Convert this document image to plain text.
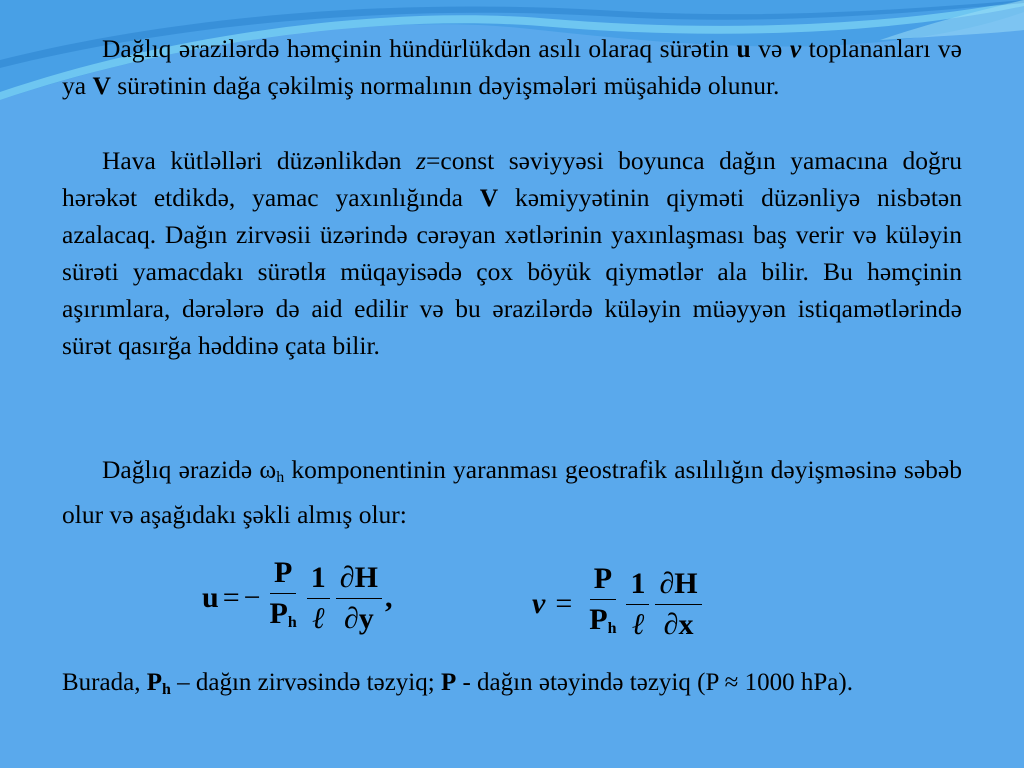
Dağlıq ərazilərdə həmçinin hündürlükdən asılı olaraq sürətin u və v toplananları və ya V sürətinin dağa çəkilmiş normalının dəyişmələri müşahidə olunur.

Hava kütləlləri düzənlikdən z=const səviyyəsi boyunca dağın yamacına doğru hərəkət etdikdə, yamac yaxınlığında V kəmiyyətinin qiyməti düzənliyə nisbətən azalacaq. Dağın zirvəsii üzərində cərəyan xətlərinin yaxınlaşması baş verir və küləyin sürəti yamacdakı sürətlя müqayisədə çox böyük qiymətlər ala bilir. Bu həmçinin aşırımlara, dərələrə də aid edilir və bu ərazilərdə küləyin müəyyən istiqamətlərində sürət qasırğa həddinə çata bilir.

Dağlıq ərazidə $\omega_h$ komponentinin yaranması geostrafik asılılığın dəyişməsinə səbəb olur və aşağıdakı şəkli almış olur:

u = − $\frac{P}{P_h} \frac{1}{\text{ℓ}} \frac{\partial H}{\partial y}$ ,	$v = \frac{P}{P_h} \frac{1}{\text{ℓ}} \frac{\partial H}{\partial x}$

Burada, $P_h$ – dağın zirvəsində təzyiq; P - dağın ətəyində təzyiq (P ≈ 1000 hPa).
